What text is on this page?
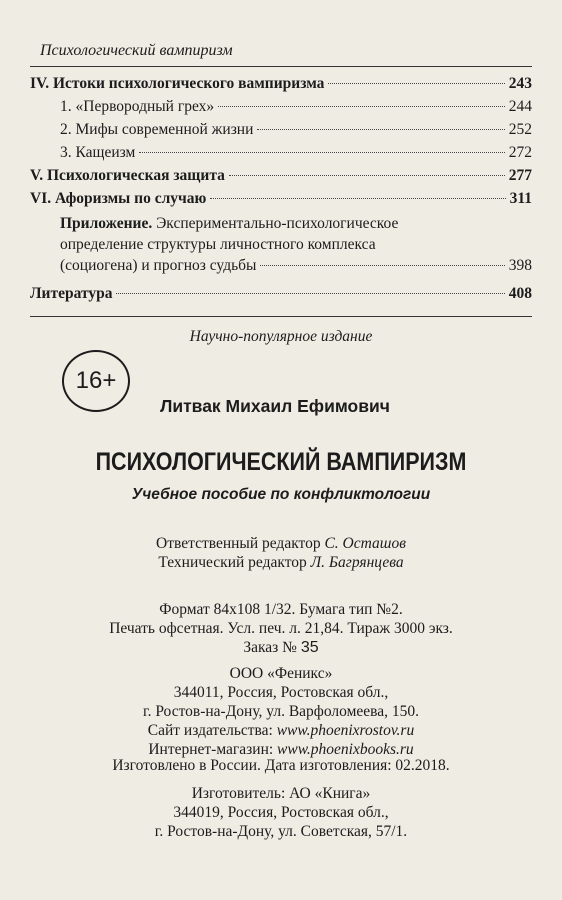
Психологический вампиризм
IV. Истоки психологического вампиризма	243
1. «Первородный грех»	244
2. Мифы современной жизни	252
3. Кащеизм	272
V. Психологическая защита	277
VI. Афоризмы по случаю	311
Приложение. Экспериментально-психологическое
определение структуры личностного комплекса
(социогена) и прогноз судьбы	398
Литература	408
Научно-популярное издание
16+
Литвак Михаил Ефимович
ПСИХОЛОГИЧЕСКИЙ ВАМПИРИЗМ
Учебное пособие по конфликтологии
Ответственный редактор С. Осташов
Технический редактор Л. Багрянцева
Формат 84х108 1/32. Бумага тип №2.
Печать офсетная. Усл. печ. л. 21,84. Тираж 3000 экз.
Заказ № 35
ООО «Феникс»
344011, Россия, Ростовская обл.,
г. Ростов-на-Дону, ул. Варфоломеева, 150.
Сайт издательства: www.phoenixrostov.ru
Интернет-магазин: www.phoenixbooks.ru
Изготовлено в России. Дата изготовления: 02.2018.
Изготовитель: АО «Книга»
344019, Россия, Ростовская обл.,
г. Ростов-на-Дону, ул. Советская, 57/1.
